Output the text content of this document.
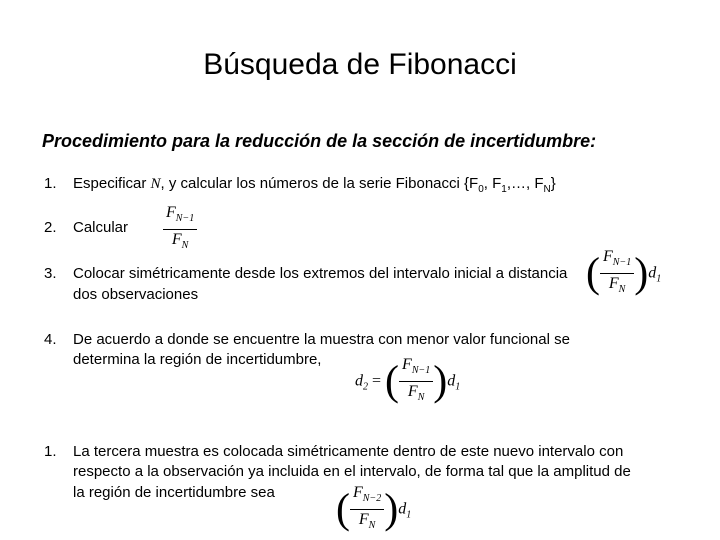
Búsqueda de Fibonacci
Procedimiento para la reducción de la sección de incertidumbre:
1. Especificar N, y calcular los números de la serie Fibonacci {$F_0$, $F_1,\dots$, $F_N$}
2. Calcular $\frac{F_{N-1}}{F_N}$
3. Colocar simétricamente desde los extremos del intervalo inicial a distancia
dos observaciones	( $\frac{F_{N-1}}{F_N} )d_1$
4. De acuerdo a donde se encuentre la muestra con menor valor funcional se
determina la región de incertidumbre,
$d_2$ = ( $\frac{F_{N-1}}{F_N} )d_1$
1. La tercera muestra es colocada simétricamente dentro de este nuevo intervalo con
respecto a la observación ya incluida en el intervalo, de forma tal que la amplitud de
la región de incertidumbre sea ( $\frac{F_{N-2}}{F_N} )d_1$
